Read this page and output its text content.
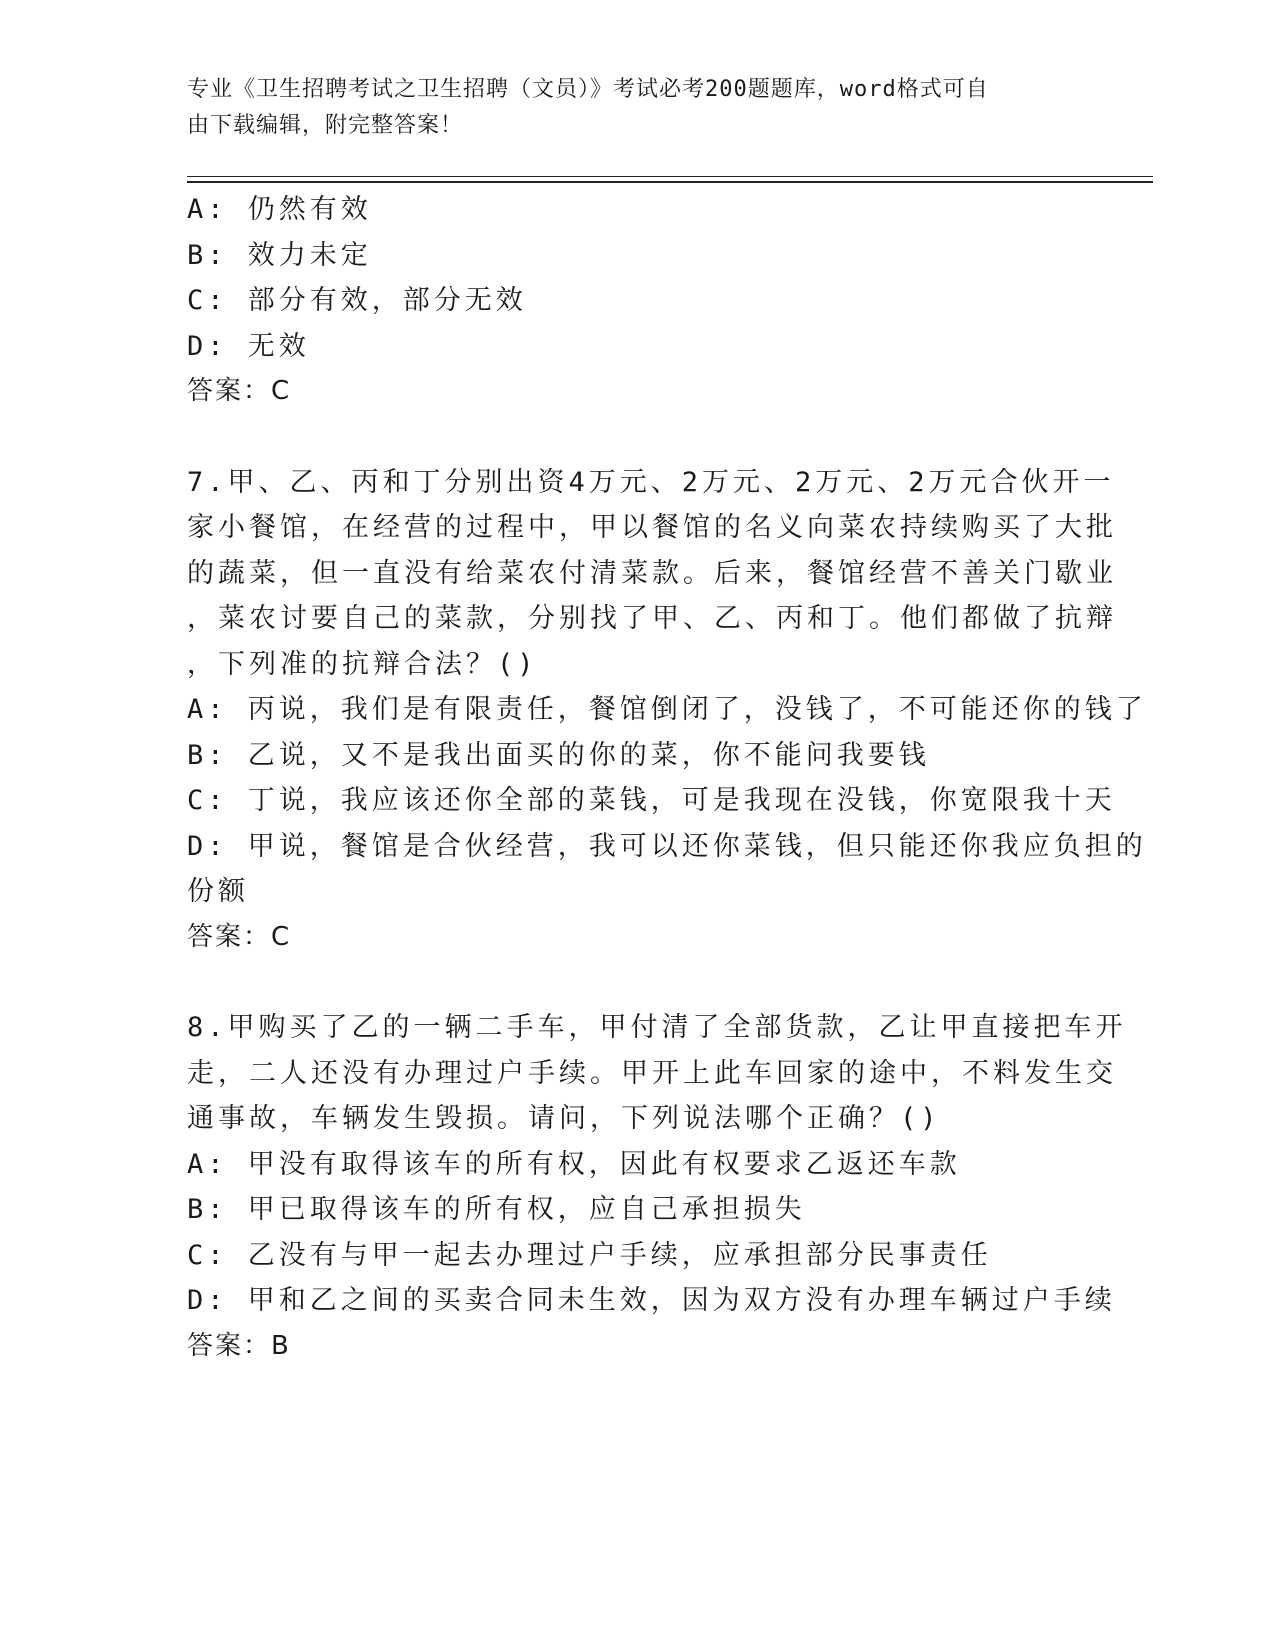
专业《卫生招聘考试之卫生招聘（文员）》考试必考200题题库，word格式可自
由下载编辑，附完整答案！
A: 仍然有效
B: 效力未定
C: 部分有效，部分无效
D: 无效
答案：C
7.甲、乙、丙和丁分别出资4万元、2万元、2万元、2万元合伙开一
家小餐馆，在经营的过程中，甲以餐馆的名义向菜农持续购买了大批
的蔬菜，但一直没有给菜农付清菜款。后来，餐馆经营不善关门歇业
，菜农讨要自己的菜款，分别找了甲、乙、丙和丁。他们都做了抗辩
，下列准的抗辩合法？()
A: 丙说，我们是有限责任，餐馆倒闭了，没钱了，不可能还你的钱了
B: 乙说，又不是我出面买的你的菜，你不能问我要钱
C: 丁说，我应该还你全部的菜钱，可是我现在没钱，你宽限我十天
D: 甲说，餐馆是合伙经营，我可以还你菜钱，但只能还你我应负担的
份额
答案：C
8.甲购买了乙的一辆二手车，甲付清了全部货款，乙让甲直接把车开
走，二人还没有办理过户手续。甲开上此车回家的途中，不料发生交
通事故，车辆发生毁损。请问，下列说法哪个正确？()
A: 甲没有取得该车的所有权，因此有权要求乙返还车款
B: 甲已取得该车的所有权，应自己承担损失
C: 乙没有与甲一起去办理过户手续，应承担部分民事责任
D: 甲和乙之间的买卖合同未生效，因为双方没有办理车辆过户手续
答案：B
